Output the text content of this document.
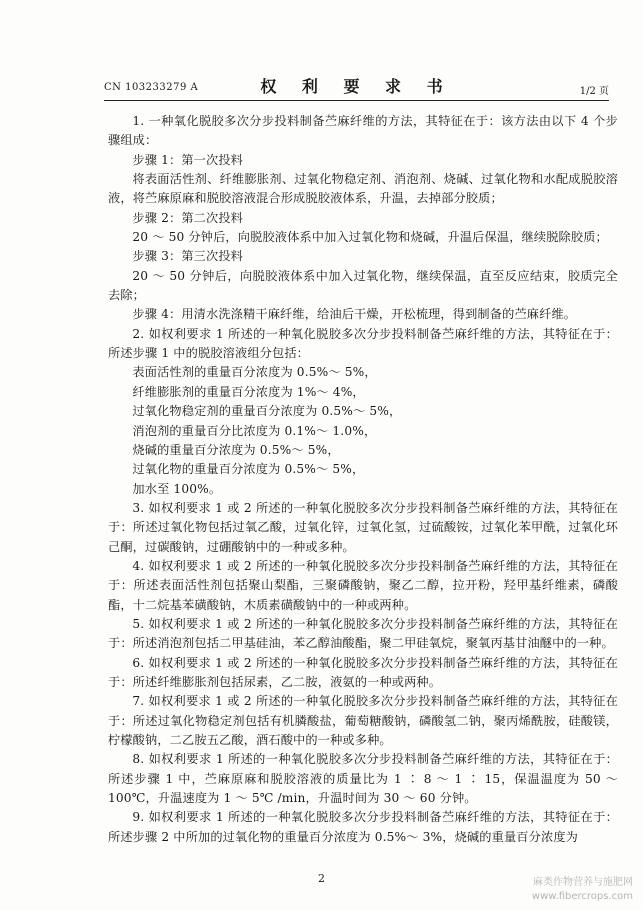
CN 103233279 A	权 利 要 求 书	1/2 页

1. 一种氧化脱胶多次分步投料制备苎麻纤维的方法，其特征在于：该方法由以下 4 个步骤组成：

步骤 1：第一次投料

将表面活性剂、纤维膨胀剂、过氧化物稳定剂、消泡剂、烧碱、过氧化物和水配成脱胶溶液，将苎麻原麻和脱胶溶液混合形成脱胶液体系，升温，去掉部分胶质；

步骤 2：第二次投料

20 ～ 50 分钟后，向脱胶液体系中加入过氧化物和烧碱，升温后保温，继续脱除胶质；

步骤 3：第三次投料

20 ～ 50 分钟后，向脱胶液体系中加入过氧化物，继续保温，直至反应结束，胶质完全去除；

步骤 4：用清水洗涤精干麻纤维，给油后干燥，开松梳理，得到制备的苎麻纤维。

2. 如权利要求 1 所述的一种氧化脱胶多次分步投料制备苎麻纤维的方法，其特征在于：所述步骤 1 中的脱胶溶液组分包括：

表面活性剂的重量百分浓度为 0.5%～ 5%，

纤维膨胀剂的重量百分浓度为 1%～ 4%，

过氧化物稳定剂的重量百分浓度为 0.5%～ 5%，

消泡剂的重量百分比浓度为 0.1%～ 1.0%，

烧碱的重量百分浓度为 0.5%～ 5%，

过氧化物的重量百分浓度为 0.5%～ 5%，

加水至 100%。

3. 如权利要求 1 或 2 所述的一种氧化脱胶多次分步投料制备苎麻纤维的方法，其特征在于：所述过氧化物包括过氧乙酸，过氧化锌，过氧化氢，过硫酸铵，过氧化苯甲酰，过氧化环己酮，过碳酸钠，过硼酸钠中的一种或多种。

4. 如权利要求 1 或 2 所述的一种氧化脱胶多次分步投料制备苎麻纤维的方法，其特征在于：所述表面活性剂包括聚山梨酯，三聚磷酸钠，聚乙二醇，拉开粉，羟甲基纤维素，磷酸酯，十二烷基苯磺酸钠，木质素磺酸钠中的一种或两种。

5. 如权利要求 1 或 2 所述的一种氧化脱胶多次分步投料制备苎麻纤维的方法，其特征在于：所述消泡剂包括二甲基硅油，苯乙醇油酸酯，聚二甲硅氧烷，聚氧丙基甘油醚中的一种。

6. 如权利要求 1 或 2 所述的一种氧化脱胶多次分步投料制备苎麻纤维的方法，其特征在于：所述纤维膨胀剂包括尿素，乙二胺，液氨的一种或两种。

7. 如权利要求 1 或 2 所述的一种氧化脱胶多次分步投料制备苎麻纤维的方法，其特征在于：所述过氧化物稳定剂包括有机膦酸盐，葡萄糖酸钠，磷酸氢二钠，聚丙烯酰胺，硅酸镁，柠檬酸钠，二乙胺五乙酸，酒石酸中的一种或多种。

8. 如权利要求 1 所述的一种氧化脱胶多次分步投料制备苎麻纤维的方法，其特征在于：所述步骤 1 中，苎麻原麻和脱胶溶液的质量比为 1 ∶ 8 ～ 1 ∶ 15，保温温度为 50 ～ 100℃，升温速度为 1 ～ 5℃ /min，升温时间为 30 ～ 60 分钟。

9. 如权利要求 1 所述的一种氧化脱胶多次分步投料制备苎麻纤维的方法，其特征在于：所述步骤 2 中所加的过氧化物的重量百分浓度为 0.5%～ 3%，烧碱的重量百分浓度为

2	麻类作物营养与施肥网
www.fibercrops.com
